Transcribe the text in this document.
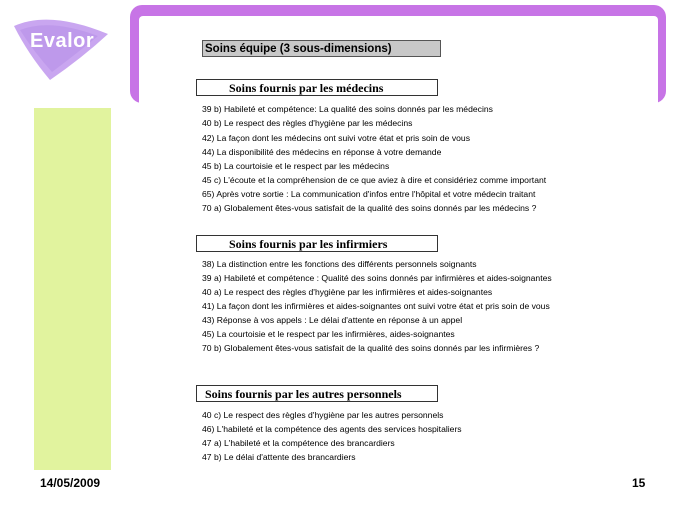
Evalor	Soins équipe (3 sous-dimensions)
Soins fournis par les médecins
39 b) Habileté et compétence: La qualité des soins donnés par les médecins
40 b) Le respect des règles d'hygiène par les médecins
42) La façon dont les médecins ont suivi votre état et pris soin de vous
44) La disponibilité des médecins en réponse à votre demande
45 b) La courtoisie et le respect par les médecins
45 c) L'écoute et la compréhension de ce que aviez à dire et considériez comme important
65) Après votre sortie : La communication d'infos entre l'hôpital et votre médecin traitant
70 a) Globalement êtes-vous satisfait de la qualité des soins donnés par les médecins ?
Soins fournis par les infirmiers
38) La distinction entre les fonctions des différents personnels soignants
39 a) Habileté et compétence : Qualité des soins donnés par infirmières et aides-soignantes
40 a) Le respect des règles d'hygiène par les infirmières et aides-soignantes
41) La façon dont les infirmières et aides-soignantes ont suivi votre état et pris soin de vous
43) Réponse à vos appels : Le délai d'attente en réponse à un appel
45) La courtoisie et le respect par les infirmières, aides-soignantes
70 b) Globalement êtes-vous satisfait de la qualité des soins donnés par les infirmières ?
Soins fournis par les autres personnels
40 c) Le respect des règles d'hygiène par les autres personnels
46) L'habileté et la compétence des agents des services hospitaliers
47 a) L'habileté et la compétence des brancardiers
47 b) Le délai d'attente des brancardiers
14/05/2009	15
